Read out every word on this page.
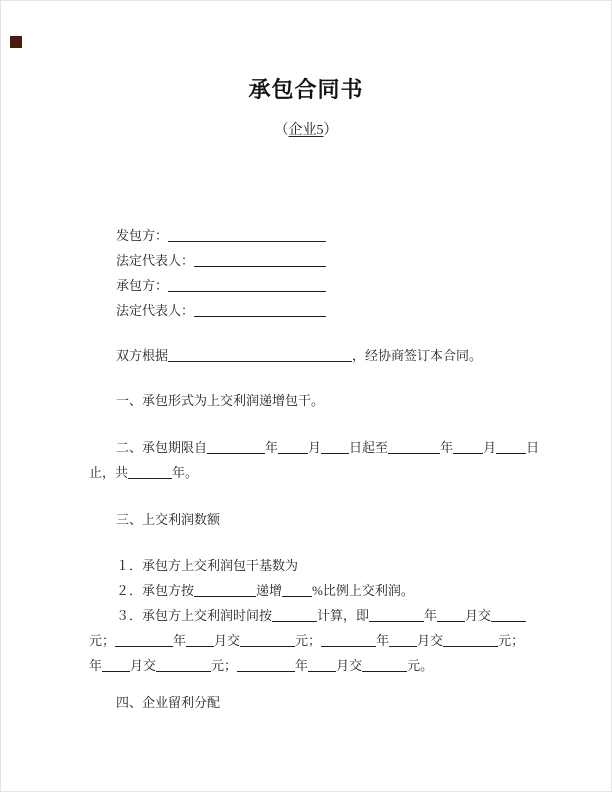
承包合同书
（企业5）
发包方：
法定代表人：
承包方：
法定代表人：
双方根据	，经协商签订本合同。
一、承包形式为上交利润递增包干。
二、承包期限自	年 月 日起至	年 月 日
止，共	年。
三、上交利润数额
１．承包方上交利润包干基数为
２．承包方按	递增 %比例上交利润。
３．承包方上交利润时间按	计算，即	年 月交
元；	年 月交	元；	年 月交	元；
年 月交	元；	年 月交	元。
四、企业留利分配
